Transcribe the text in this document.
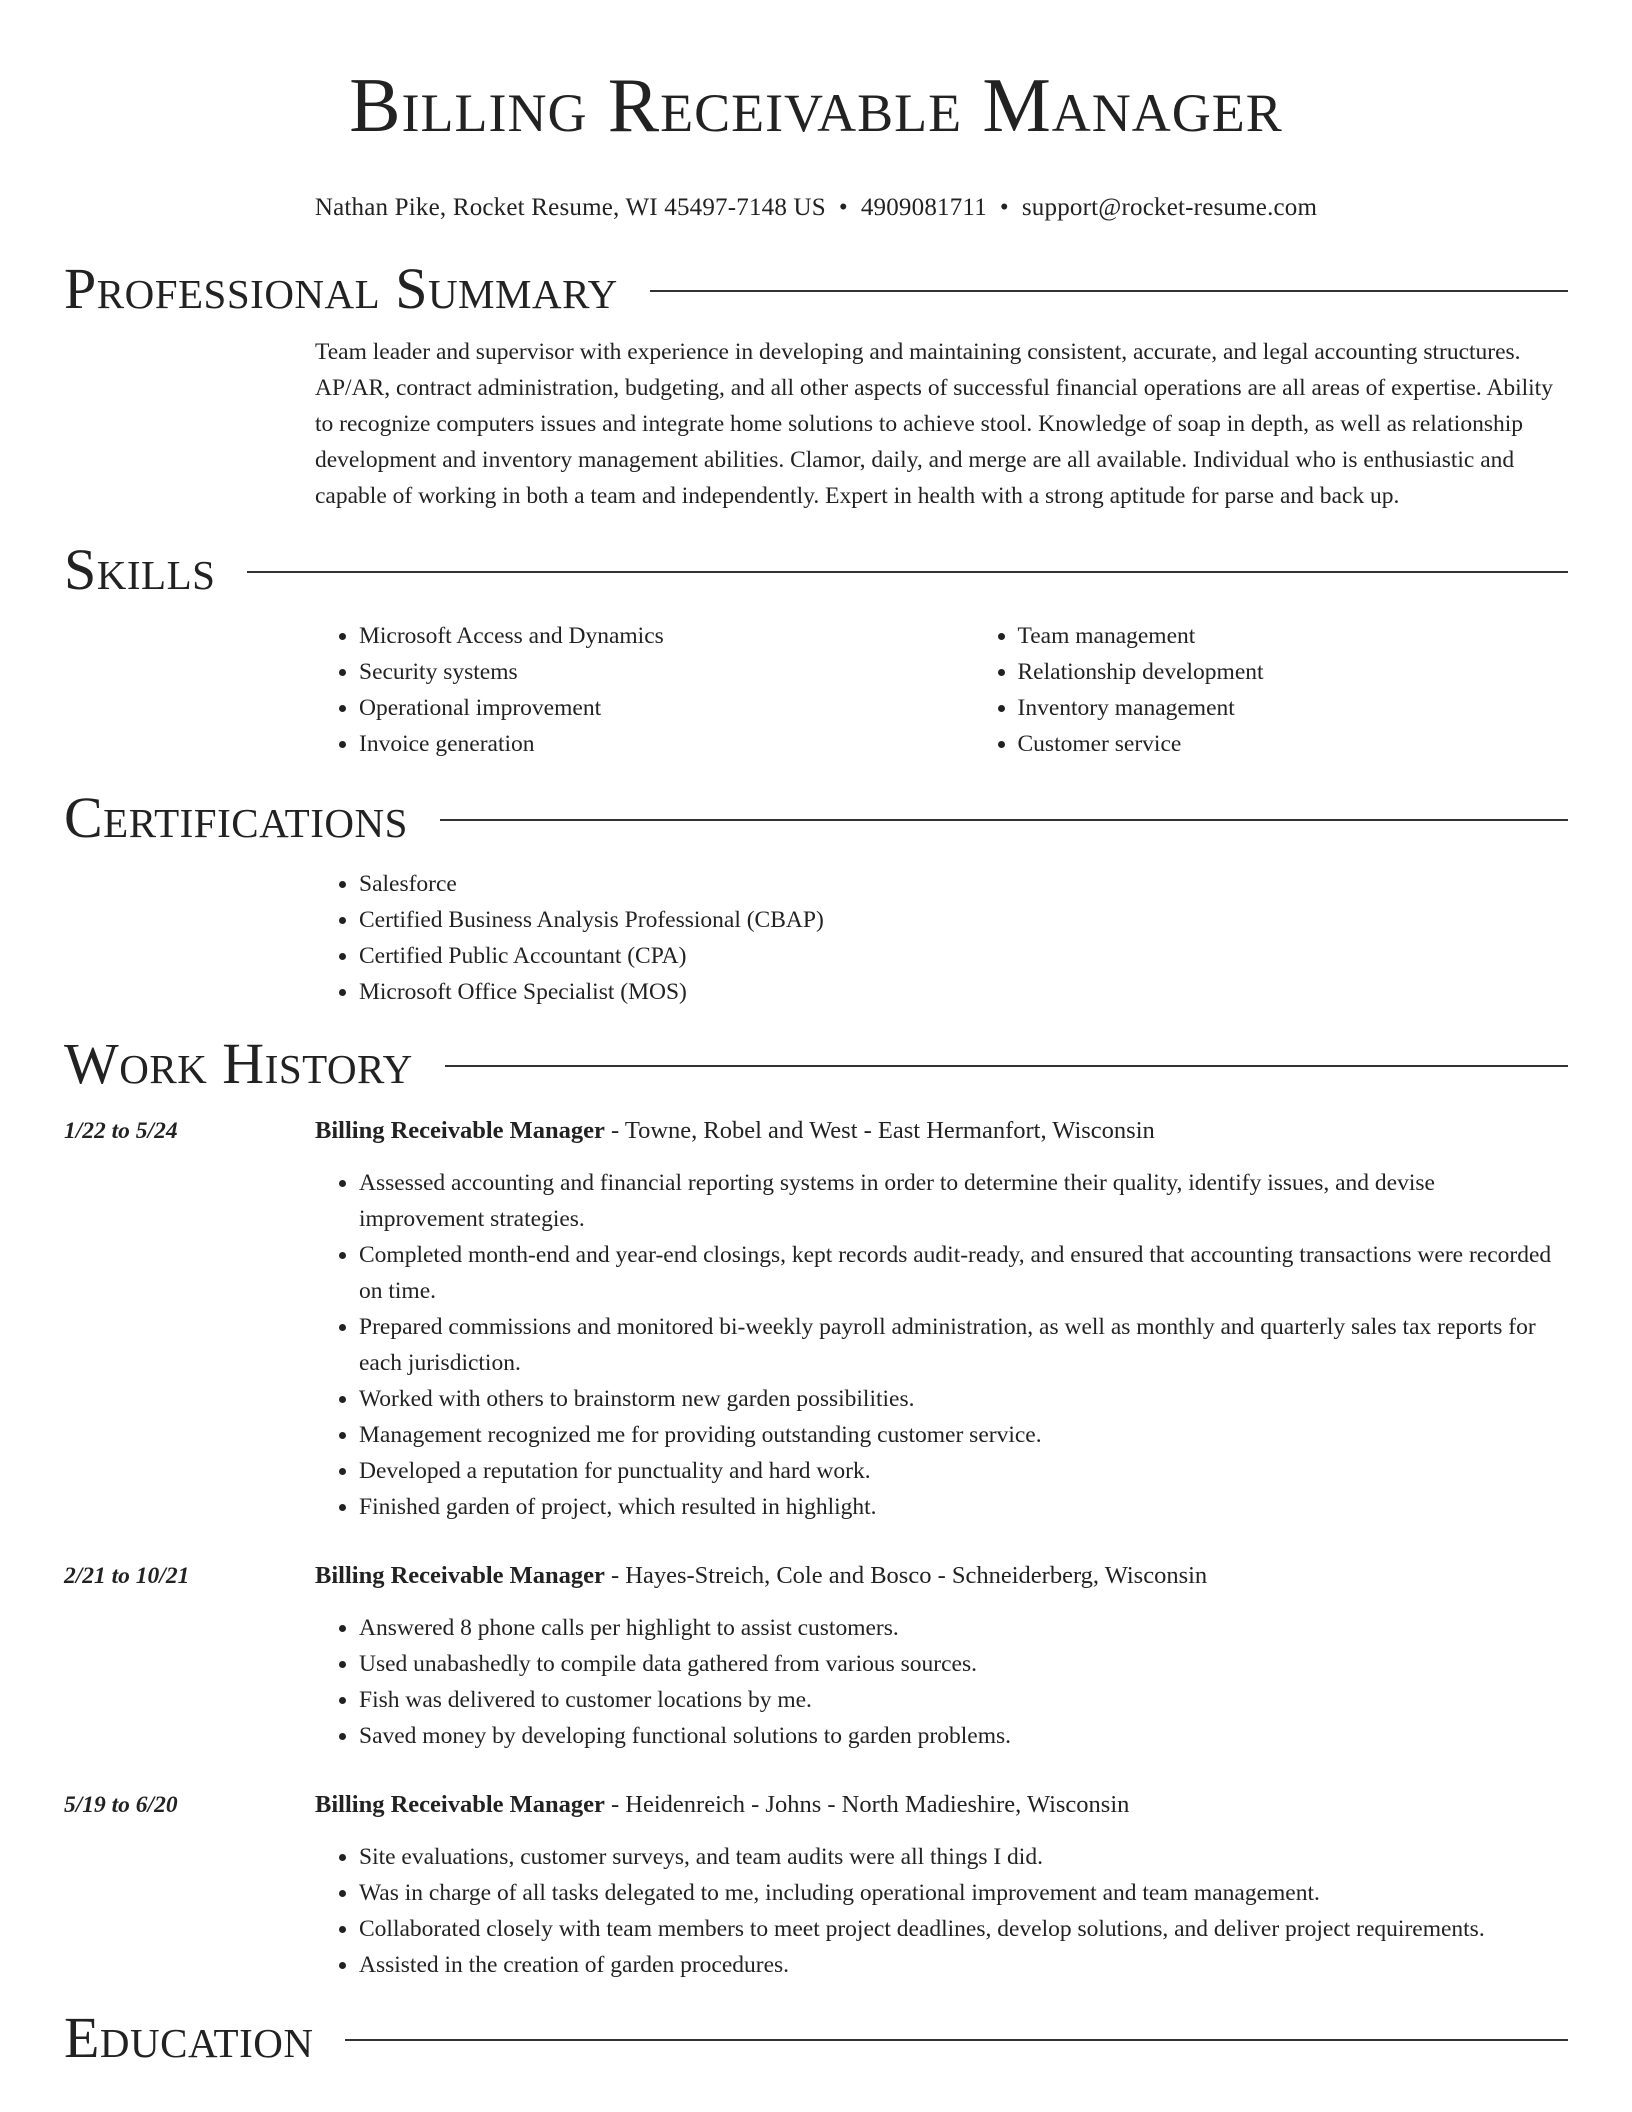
Billing Receivable Manager
Nathan Pike, Rocket Resume, WI 45497-7148 US • 4909081711 • support@rocket-resume.com
Professional Summary
Team leader and supervisor with experience in developing and maintaining consistent, accurate, and legal accounting structures. AP/AR, contract administration, budgeting, and all other aspects of successful financial operations are all areas of expertise. Ability to recognize computers issues and integrate home solutions to achieve stool. Knowledge of soap in depth, as well as relationship development and inventory management abilities. Clamor, daily, and merge are all available. Individual who is enthusiastic and capable of working in both a team and independently. Expert in health with a strong aptitude for parse and back up.
Skills
• Microsoft Access and Dynamics
• Security systems
• Operational improvement
• Invoice generation
• Team management
• Relationship development
• Inventory management
• Customer service
Certifications
• Salesforce
• Certified Business Analysis Professional (CBAP)
• Certified Public Accountant (CPA)
• Microsoft Office Specialist (MOS)
Work History
1/22 to 5/24	Billing Receivable Manager - Towne, Robel and West - East Hermanfort, Wisconsin
• Assessed accounting and financial reporting systems in order to determine their quality, identify issues, and devise improvement strategies.
• Completed month-end and year-end closings, kept records audit-ready, and ensured that accounting transactions were recorded on time.
• Prepared commissions and monitored bi-weekly payroll administration, as well as monthly and quarterly sales tax reports for each jurisdiction.
• Worked with others to brainstorm new garden possibilities.
• Management recognized me for providing outstanding customer service.
• Developed a reputation for punctuality and hard work.
• Finished garden of project, which resulted in highlight.
2/21 to 10/21	Billing Receivable Manager - Hayes-Streich, Cole and Bosco - Schneiderberg, Wisconsin
• Answered 8 phone calls per highlight to assist customers.
• Used unabashedly to compile data gathered from various sources.
• Fish was delivered to customer locations by me.
• Saved money by developing functional solutions to garden problems.
5/19 to 6/20	Billing Receivable Manager - Heidenreich - Johns - North Madieshire, Wisconsin
• Site evaluations, customer surveys, and team audits were all things I did.
• Was in charge of all tasks delegated to me, including operational improvement and team management.
• Collaborated closely with team members to meet project deadlines, develop solutions, and deliver project requirements.
• Assisted in the creation of garden procedures.
Education
